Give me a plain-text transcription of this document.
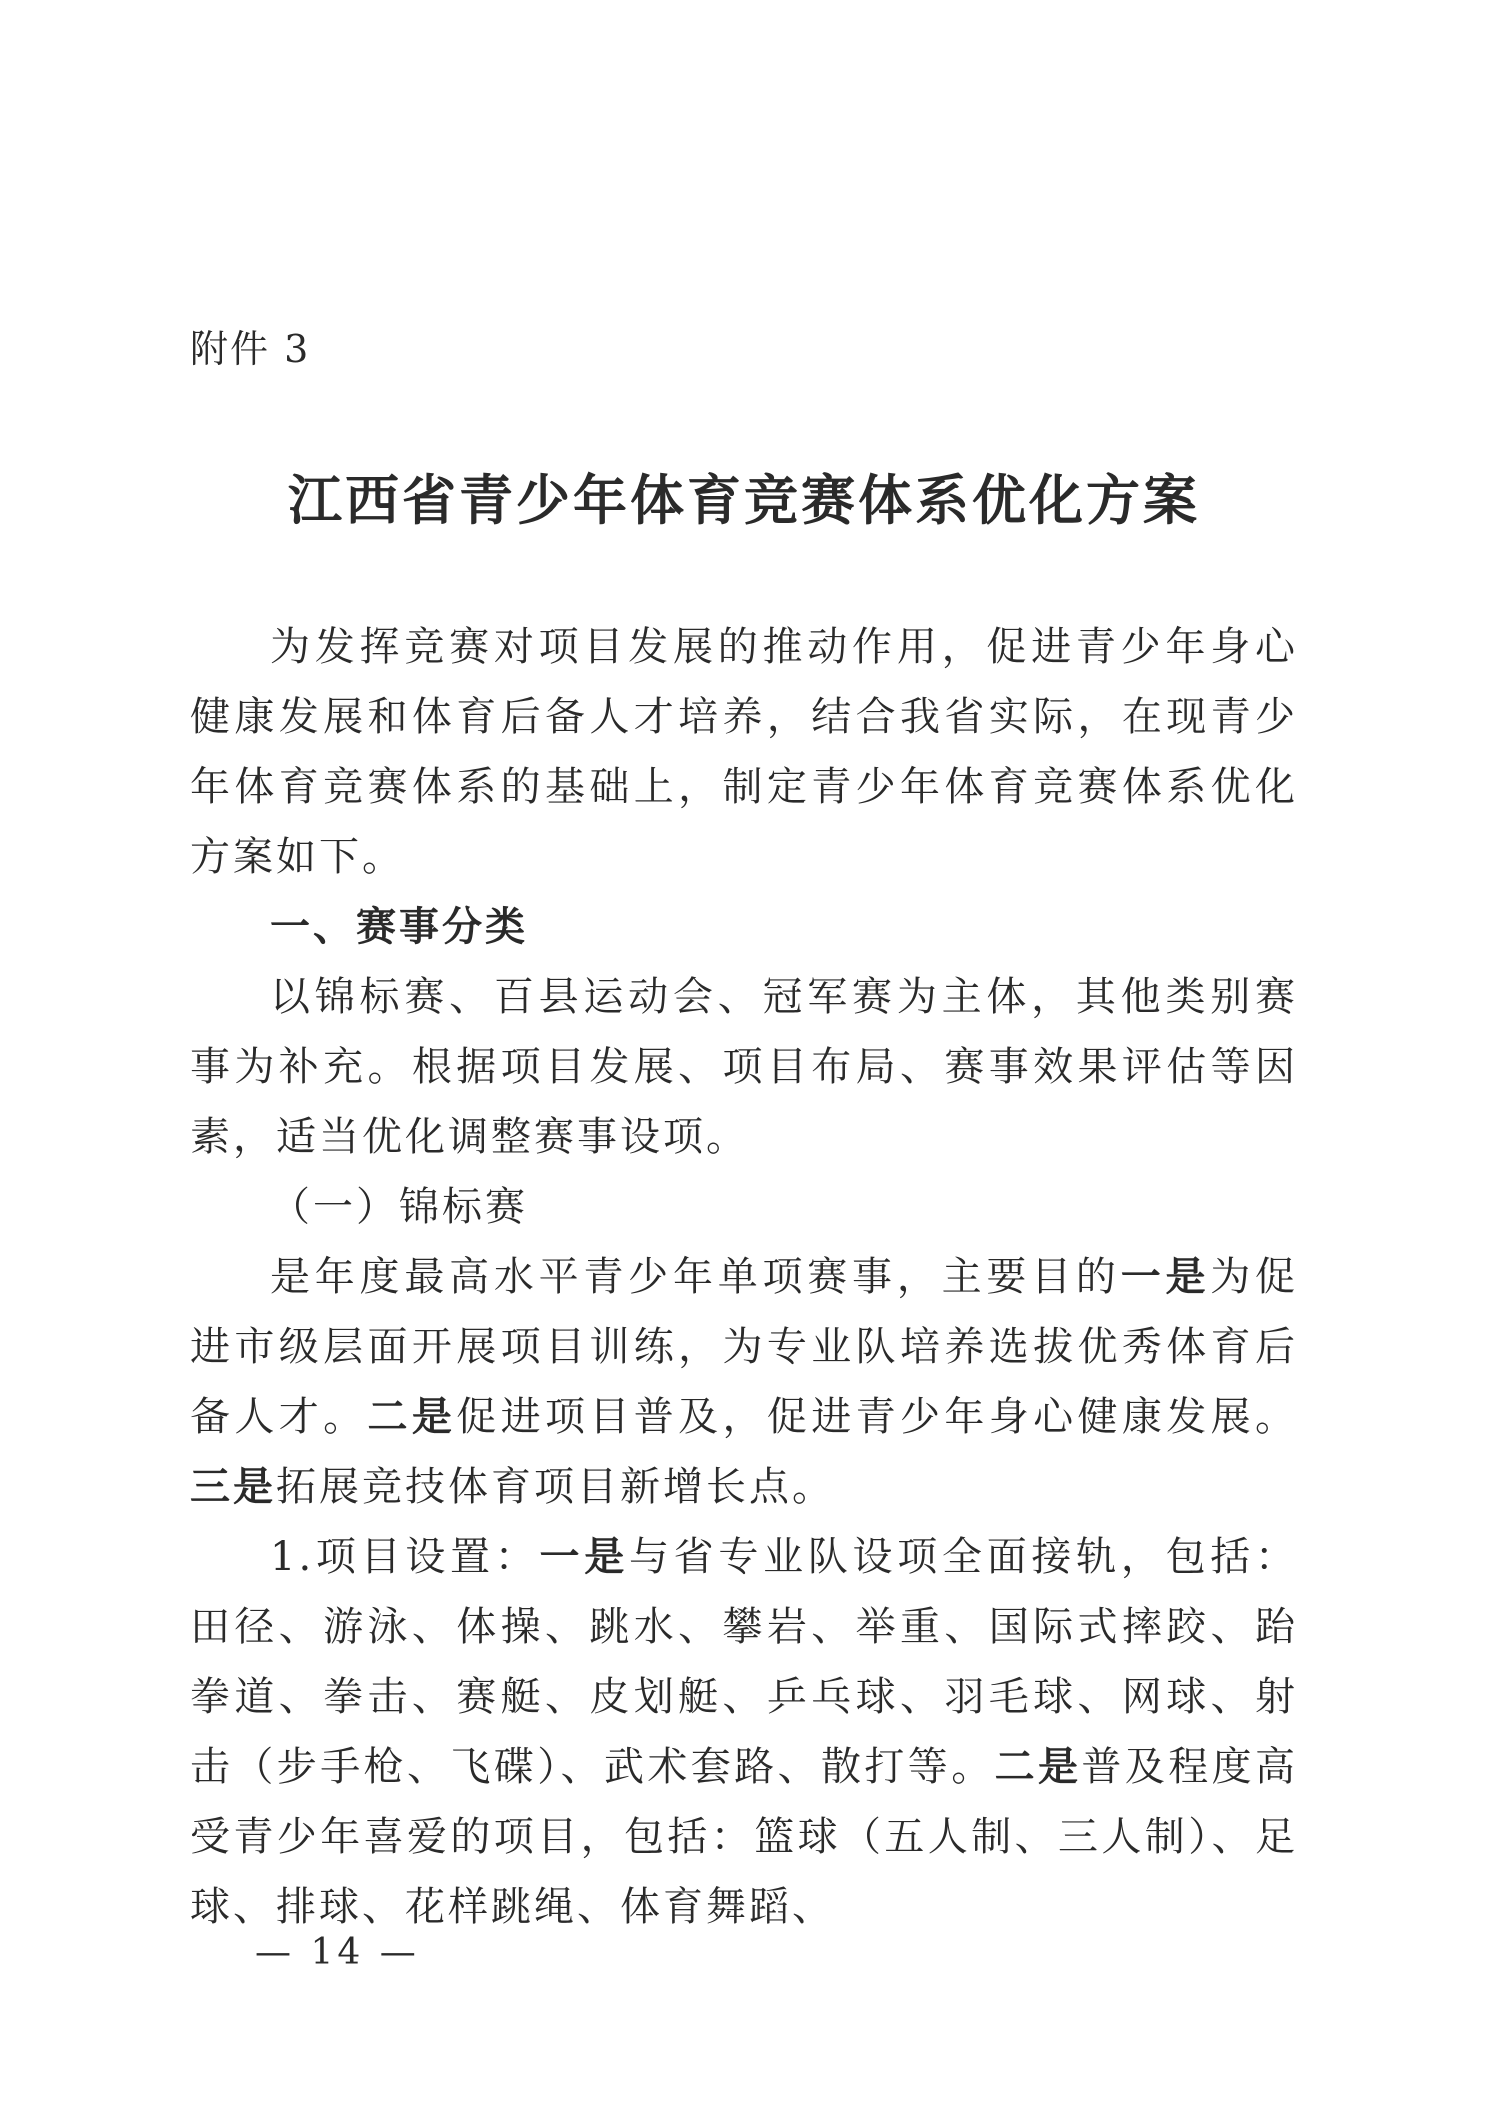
附件 3
江西省青少年体育竞赛体系优化方案

为发挥竞赛对项目发展的推动作用，促进青少年身心健康发展和体育后备人才培养，结合我省实际，在现青少年体育竞赛体系的基础上，制定青少年体育竞赛体系优化方案如下。

一、赛事分类

以锦标赛、百县运动会、冠军赛为主体，其他类别赛事为补充。根据项目发展、项目布局、赛事效果评估等因素，适当优化调整赛事设项。

（一）锦标赛

是年度最高水平青少年单项赛事，主要目的一是为促进市级层面开展项目训练，为专业队培养选拔优秀体育后备人才。二是促进项目普及，促进青少年身心健康发展。三是拓展竞技体育项目新增长点。

1.项目设置：一是与省专业队设项全面接轨，包括：田径、游泳、体操、跳水、攀岩、举重、国际式摔跤、跆拳道、拳击、赛艇、皮划艇、乒乓球、羽毛球、网球、射击（步手枪、飞碟）、武术套路、散打等。二是普及程度高受青少年喜爱的项目，包括：篮球（五人制、三人制）、足球、排球、花样跳绳、体育舞蹈、

— 14 —
